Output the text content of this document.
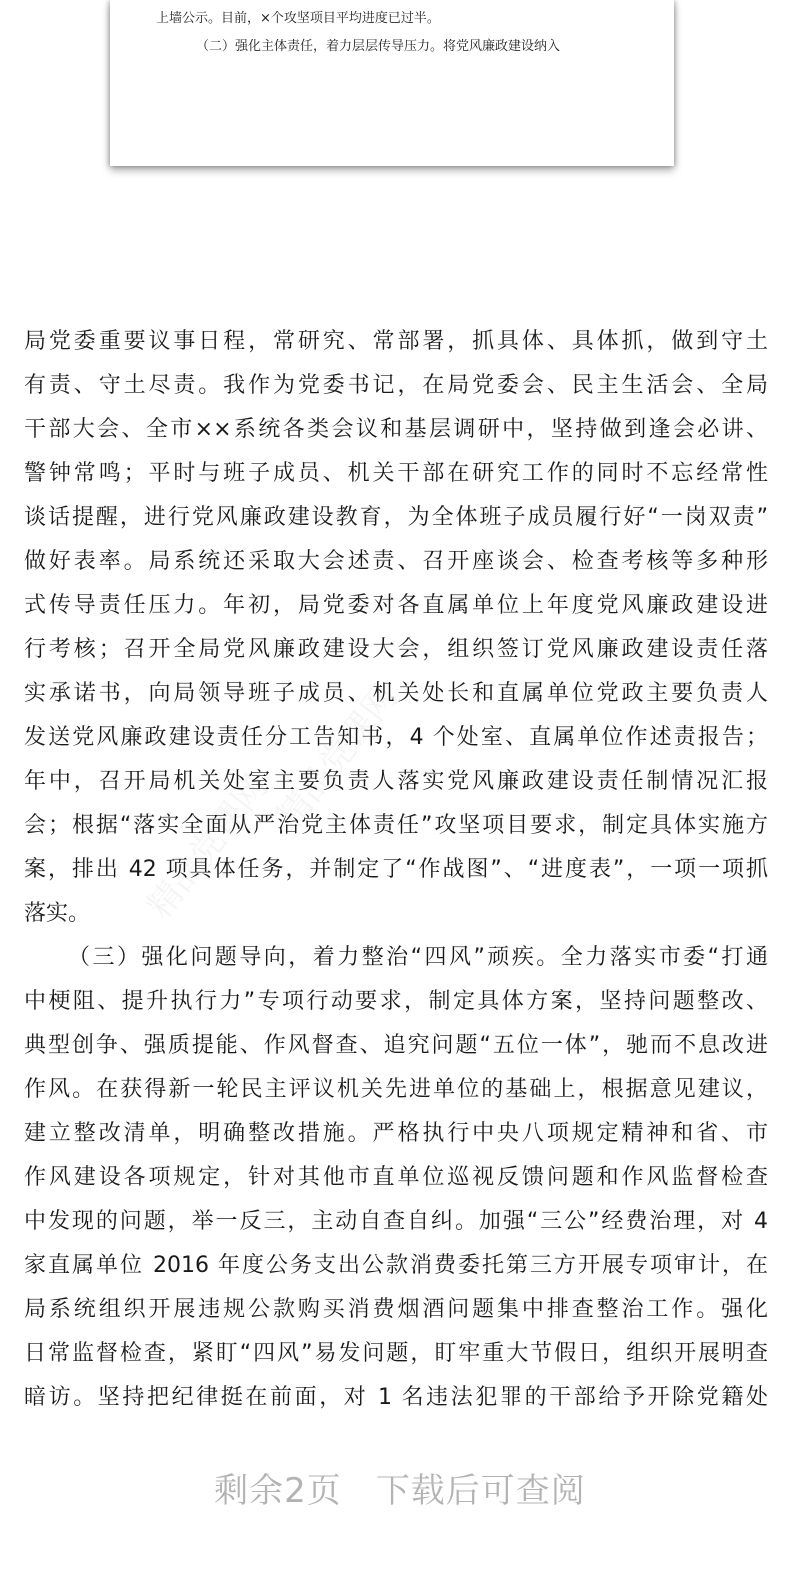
上墙公示。目前，×个攻坚项目平均进度已过半。
（二）强化主体责任，着力层层传导压力。将党风廉政建设纳入
精品党课网
精品党课网
局党委重要议事日程，常研究、常部署，抓具体、具体抓，做到守土
有责、守土尽责。我作为党委书记，在局党委会、民主生活会、全局
干部大会、全市××系统各类会议和基层调研中，坚持做到逢会必讲、
警钟常鸣；平时与班子成员、机关干部在研究工作的同时不忘经常性
谈话提醒，进行党风廉政建设教育，为全体班子成员履行好“一岗双责”
做好表率。局系统还采取大会述责、召开座谈会、检查考核等多种形
式传导责任压力。年初，局党委对各直属单位上年度党风廉政建设进
行考核；召开全局党风廉政建设大会，组织签订党风廉政建设责任落
实承诺书，向局领导班子成员、机关处长和直属单位党政主要负责人
发送党风廉政建设责任分工告知书，4 个处室、直属单位作述责报告；
年中，召开局机关处室主要负责人落实党风廉政建设责任制情况汇报
会；根据“落实全面从严治党主体责任”攻坚项目要求，制定具体实施方
案，排出 42 项具体任务，并制定了“作战图”、“进度表”，一项一项抓
落实。
（三）强化问题导向，着力整治“四风”顽疾。全力落实市委“打通
中梗阻、提升执行力”专项行动要求，制定具体方案，坚持问题整改、
典型创争、强质提能、作风督查、追究问题“五位一体”，驰而不息改进
作风。在获得新一轮民主评议机关先进单位的基础上，根据意见建议，
建立整改清单，明确整改措施。严格执行中央八项规定精神和省、市
作风建设各项规定，针对其他市直单位巡视反馈问题和作风监督检查
中发现的问题，举一反三，主动自查自纠。加强“三公”经费治理，对 4
家直属单位 2016 年度公务支出公款消费委托第三方开展专项审计，在
局系统组织开展违规公款购买消费烟酒问题集中排查整治工作。强化
日常监督检查，紧盯“四风”易发问题，盯牢重大节假日，组织开展明查
暗访。坚持把纪律挺在前面，对 1 名违法犯罪的干部给予开除党籍处
剩余2页 下载后可查阅
